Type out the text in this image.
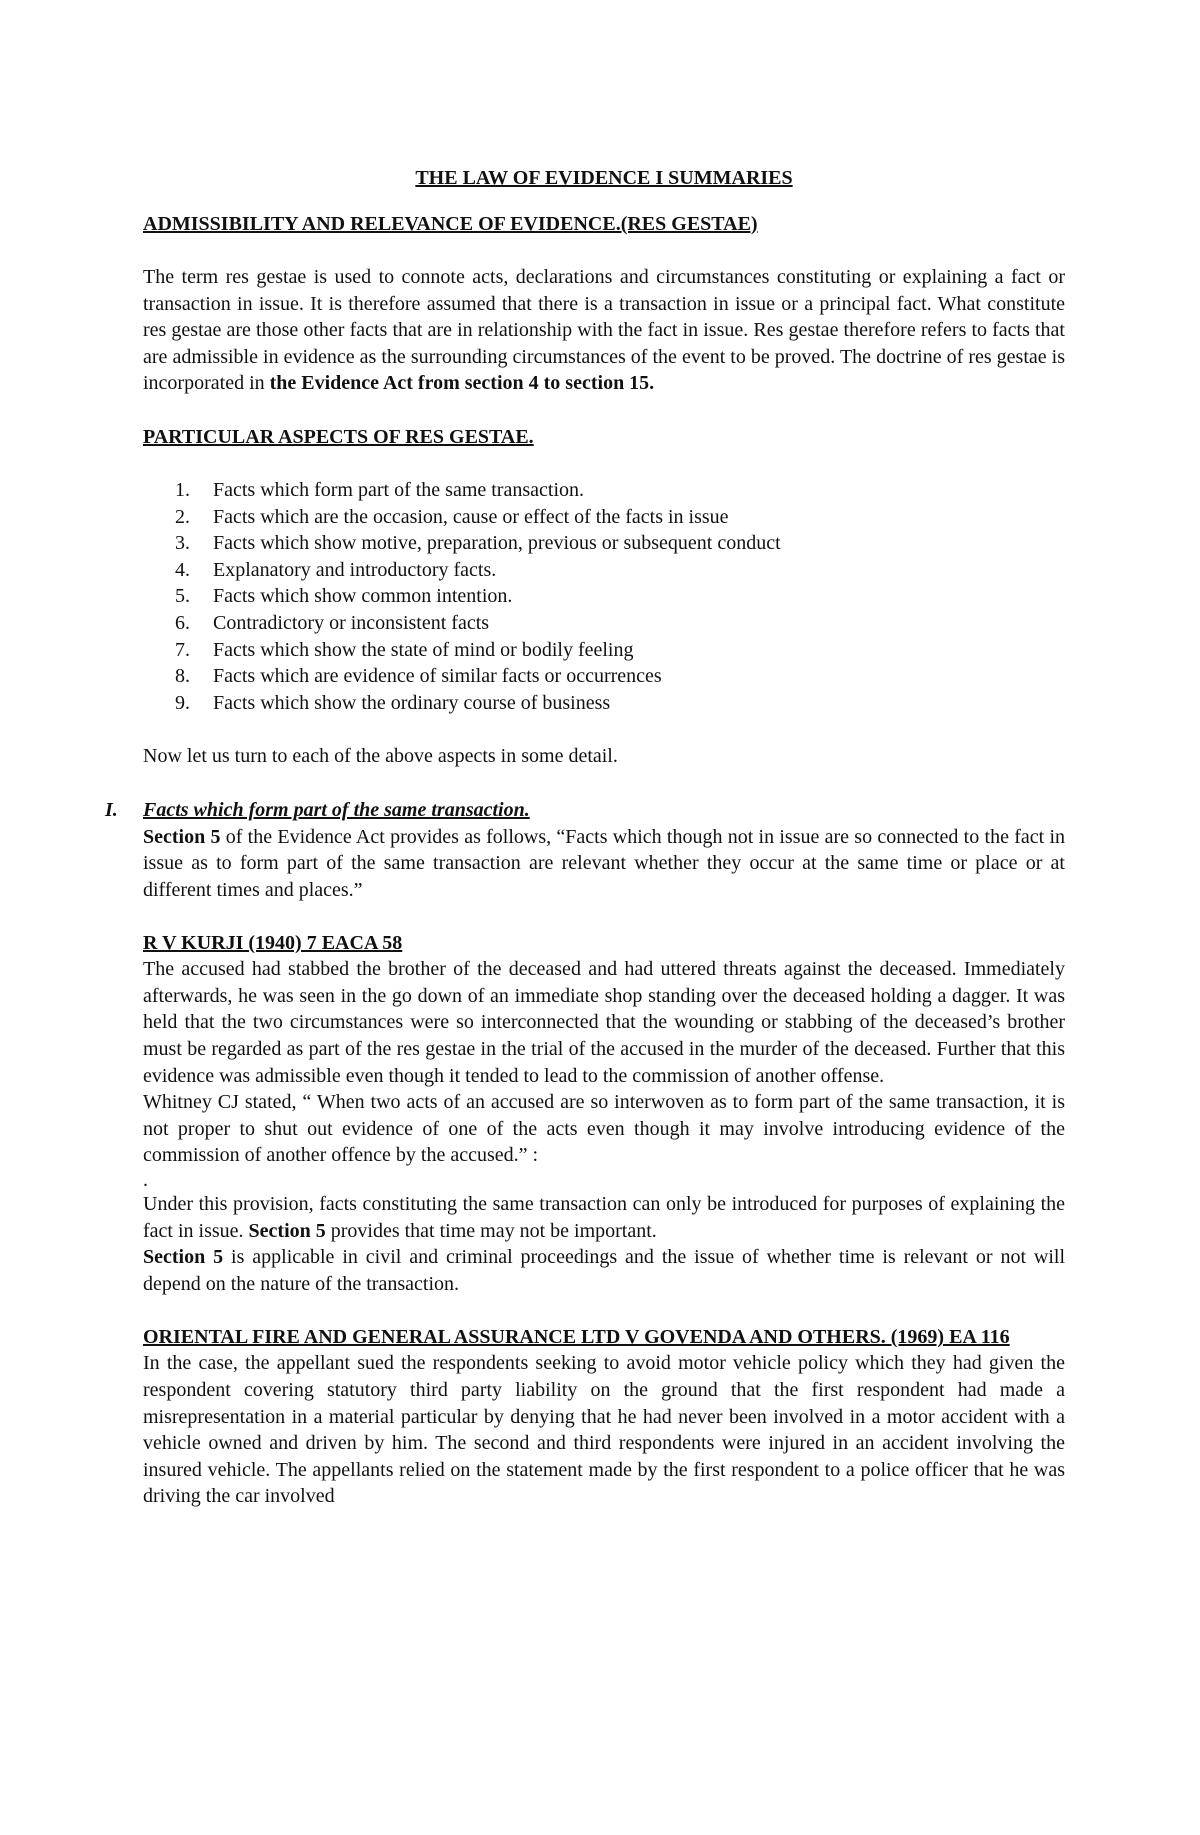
THE LAW OF EVIDENCE I SUMMARIES

ADMISSIBILITY AND RELEVANCE OF EVIDENCE.(RES GESTAE)

The term res gestae is used to connote acts, declarations and circumstances constituting or explaining a fact or transaction in issue. It is therefore assumed that there is a transaction in issue or a principal fact. What constitute res gestae are those other facts that are in relationship with the fact in issue. Res gestae therefore refers to facts that are admissible in evidence as the surrounding circumstances of the event to be proved. The doctrine of res gestae is incorporated in the Evidence Act from section 4 to section 15.

PARTICULAR ASPECTS OF RES GESTAE.

1. Facts which form part of the same transaction.
2. Facts which are the occasion, cause or effect of the facts in issue
3. Facts which show motive, preparation, previous or subsequent conduct
4. Explanatory and introductory facts.
5. Facts which show common intention.
6. Contradictory or inconsistent facts
7. Facts which show the state of mind or bodily feeling
8. Facts which are evidence of similar facts or occurrences
9. Facts which show the ordinary course of business

Now let us turn to each of the above aspects in some detail.

I. Facts which form part of the same transaction.

Section 5 of the Evidence Act provides as follows, “Facts which though not in issue are so connected to the fact in issue as to form part of the same transaction are relevant whether they occur at the same time or place or at different times and places.”

R V KURJI (1940) 7 EACA 58

The accused had stabbed the brother of the deceased and had uttered threats against the deceased. Immediately afterwards, he was seen in the go down of an immediate shop standing over the deceased holding a dagger. It was held that the two circumstances were so interconnected that the wounding or stabbing of the deceased’s brother must be regarded as part of the res gestae in the trial of the accused in the murder of the deceased. Further that this evidence was admissible even though it tended to lead to the commission of another offense.

Whitney CJ stated, “ When two acts of an accused are so interwoven as to form part of the same transaction, it is not proper to shut out evidence of one of the acts even though it may involve introducing evidence of the commission of another offence by the accused.” :

.

Under this provision, facts constituting the same transaction can only be introduced for purposes of explaining the fact in issue. Section 5 provides that time may not be important.

Section 5 is applicable in civil and criminal proceedings and the issue of whether time is relevant or not will depend on the nature of the transaction.

ORIENTAL FIRE AND GENERAL ASSURANCE LTD V GOVENDA AND OTHERS. (1969) EA 116

In the case, the appellant sued the respondents seeking to avoid motor vehicle policy which they had given the respondent covering statutory third party liability on the ground that the first respondent had made a misrepresentation in a material particular by denying that he had never been involved in a motor accident with a vehicle owned and driven by him. The second and third respondents were injured in an accident involving the insured vehicle. The appellants relied on the statement made by the first respondent to a police officer that he was driving the car involved
